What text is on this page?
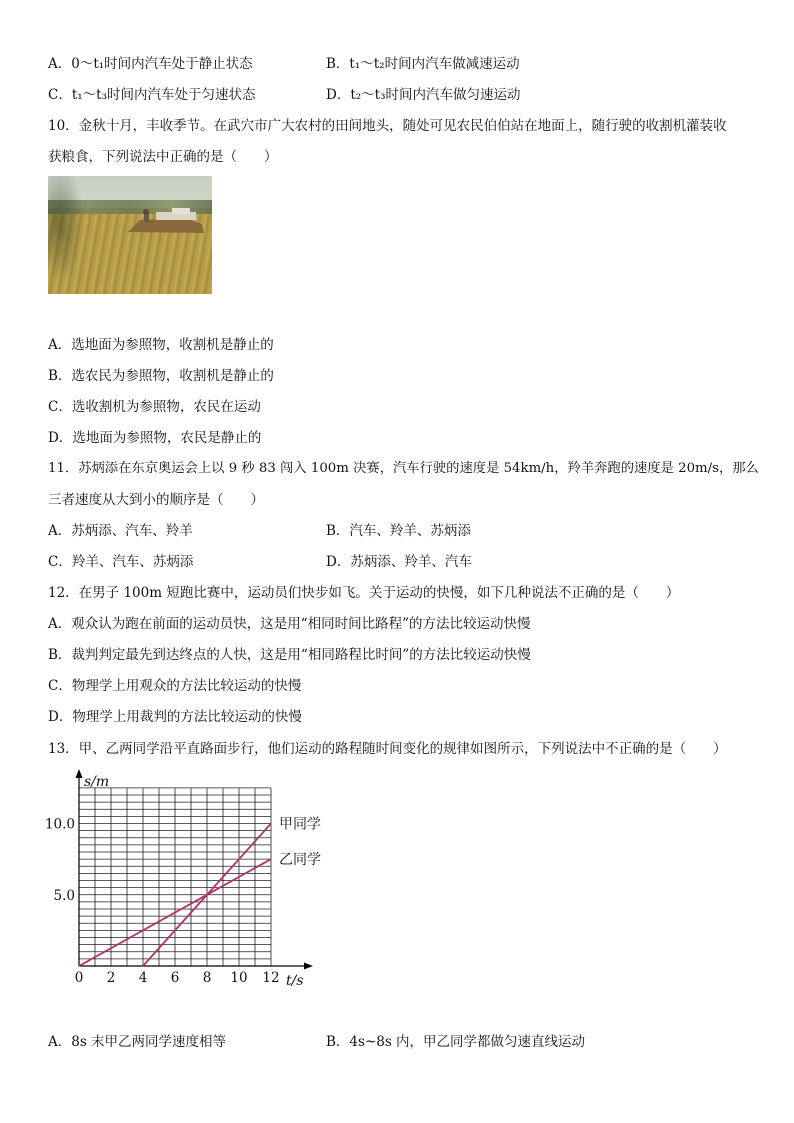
A．0～t₁时间内汽车处于静止状态	B．t₁～t₂时间内汽车做减速运动
C．t₁～t₃时间内汽车处于匀速状态	D．t₂～t₃时间内汽车做匀速运动
10．金秋十月，丰收季节。在武穴市广大农村的田间地头，随处可见农民伯伯站在地面上，随行驶的收割机灌装收
获粮食，下列说法中正确的是（　　）
A．选地面为参照物，收割机是静止的
B．选农民为参照物，收割机是静止的
C．选收割机为参照物，农民在运动
D．选地面为参照物，农民是静止的
11．苏炳添在东京奥运会上以 9 秒 83 闯入 100m 决赛，汽车行驶的速度是 54km/h，羚羊奔跑的速度是 20m/s，那么
三者速度从大到小的顺序是（　　）
A．苏炳添、汽车、羚羊	B．汽车、羚羊、苏炳添
C．羚羊、汽车、苏炳添	D．苏炳添、羚羊、汽车
12．在男子 100m 短跑比赛中，运动员们快步如飞。关于运动的快慢，如下几种说法不正确的是（　　）
A．观众认为跑在前面的运动员快，这是用“相同时间比路程”的方法比较运动快慢
B．裁判判定最先到达终点的人快，这是用“相同路程比时间”的方法比较运动快慢
C．物理学上用观众的方法比较运动的快慢
D．物理学上用裁判的方法比较运动的快慢
13．甲、乙两同学沿平直路面步行，他们运动的路程随时间变化的规律如图所示，下列说法中不正确的是（　　）
甲同学
乙同学
0 2 4 6 8 10 12
5.0
10.0
s/m
t/s
A．8s 末甲乙两同学速度相等	B．4s~8s 内，甲乙同学都做匀速直线运动
